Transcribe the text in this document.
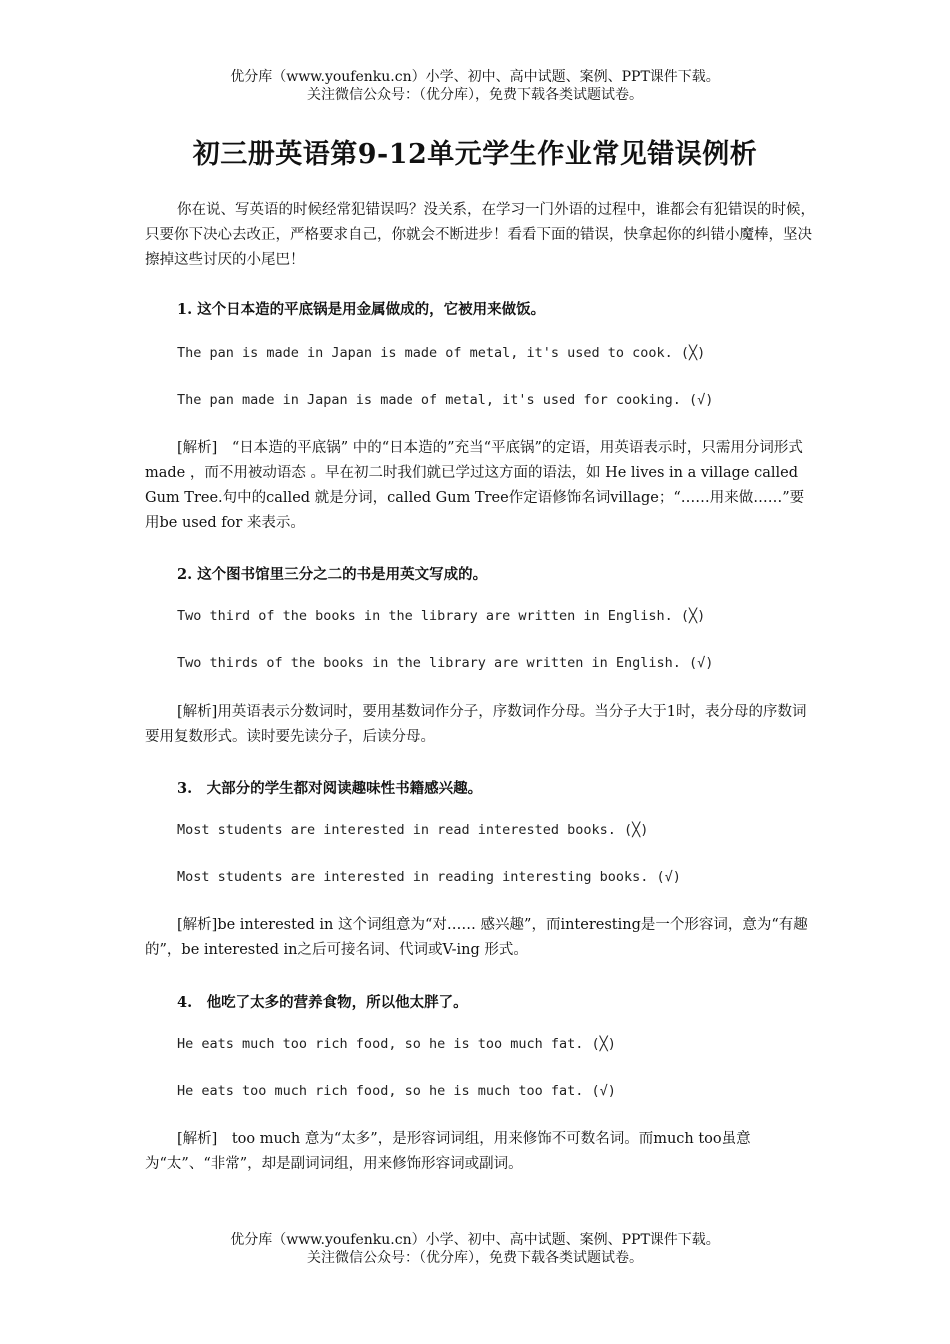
优分库（www.youfenku.cn）小学、初中、高中试题、案例、PPT课件下载。
关注微信公众号：（优分库），免费下载各类试题试卷。
初三册英语第9-12单元学生作业常见错误例析

你在说、写英语的时候经常犯错误吗？没关系，在学习一门外语的过程中，谁都会有犯错误的时候，只要你下决心去改正，严格要求自己，你就会不断进步！看看下面的错误，快拿起你的纠错小魔棒，坚决擦掉这些讨厌的小尾巴！

1. 这个日本造的平底锅是用金属做成的，它被用来做饭。

The pan is made in Japan is made of metal, it's used to cook. (╳)

The pan made in Japan is made of metal, it's used for cooking. (√)

[解析]　“日本造的平底锅” 中的“日本造的”充当“平底锅”的定语，用英语表示时，只需用分词形式made ，而不用被动语态 。早在初二时我们就已学过这方面的语法，如 He lives in a village called Gum Tree.句中的called 就是分词，called Gum Tree作定语修饰名词village；“……用来做……”要用be used for 来表示。

2. 这个图书馆里三分之二的书是用英文写成的。

Two third of the books in the library are written in English. (╳)

Two thirds of the books in the library are written in English. (√)

[解析]用英语表示分数词时，要用基数词作分子，序数词作分母。当分子大于1时，表分母的序数词要用复数形式。读时要先读分子，后读分母。

3.　大部分的学生都对阅读趣味性书籍感兴趣。

Most students are interested in read interested books. (╳)

Most students are interested in reading interesting books. (√)

[解析]be interested in 这个词组意为“对…… 感兴趣”，而interesting是一个形容词，意为“有趣的”，be interested in之后可接名词、代词或V-ing 形式。

4.　他吃了太多的营养食物，所以他太胖了。

He eats much too rich food, so he is too much fat. (╳)

He eats too much rich food, so he is much too fat. (√)

[解析]　too much 意为“太多”，是形容词词组，用来修饰不可数名词。而much too虽意为“太”、“非常”，却是副词词组，用来修饰形容词或副词。

优分库（www.youfenku.cn）小学、初中、高中试题、案例、PPT课件下载。
关注微信公众号：（优分库），免费下载各类试题试卷。
